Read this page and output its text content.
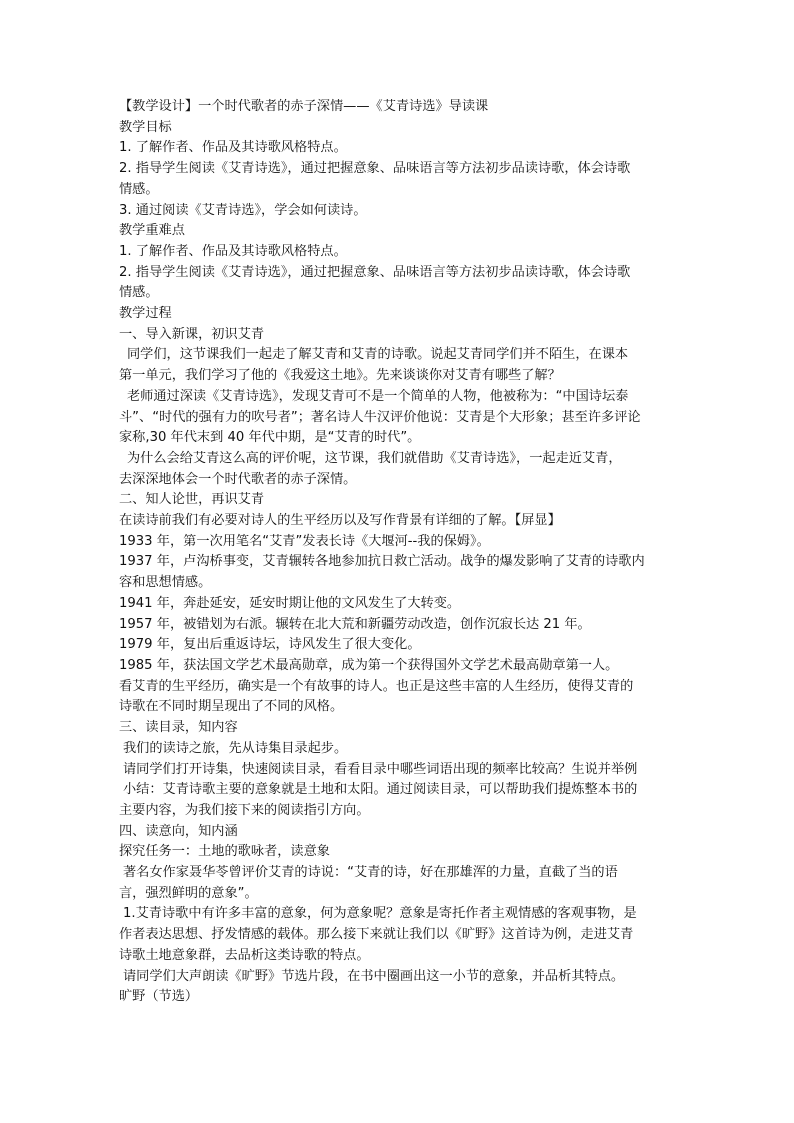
【教学设计】一个时代歌者的赤子深情——《艾青诗选》导读课

教学目标

1. 了解作者、作品及其诗歌风格特点。

2. 指导学生阅读《艾青诗选》，通过把握意象、品味语言等方法初步品读诗歌，体会诗歌

情感。

3. 通过阅读《艾青诗选》，学会如何读诗。

教学重难点

1. 了解作者、作品及其诗歌风格特点。

2. 指导学生阅读《艾青诗选》，通过把握意象、品味语言等方法初步品读诗歌，体会诗歌

情感。

教学过程

一、导入新课，初识艾青

同学们，这节课我们一起走了解艾青和艾青的诗歌。说起艾青同学们并不陌生，在课本

第一单元，我们学习了他的《我爱这土地》。先来谈谈你对艾青有哪些了解？

老师通过深读《艾青诗选》，发现艾青可不是一个简单的人物，他被称为：“中国诗坛泰

斗”、“时代的强有力的吹号者”；著名诗人牛汉评价他说：艾青是个大形象；甚至许多评论

家称,30 年代末到 40 年代中期，是“艾青的时代”。

为什么会给艾青这么高的评价呢，这节课，我们就借助《艾青诗选》，一起走近艾青，

去深深地体会一个时代歌者的赤子深情。

二、知人论世，再识艾青

在读诗前我们有必要对诗人的生平经历以及写作背景有详细的了解。【屏显】

1933 年，第一次用笔名“艾青”发表长诗《大堰河--我的保姆》。

1937 年，卢沟桥事变，艾青辗转各地参加抗日救亡活动。战争的爆发影响了艾青的诗歌内

容和思想情感。

1941 年，奔赴延安，延安时期让他的文风发生了大转变。

1957 年，被错划为右派。辗转在北大荒和新疆劳动改造，创作沉寂长达 21 年。

1979 年，复出后重返诗坛，诗风发生了很大变化。

1985 年，获法国文学艺术最高勋章，成为第一个获得国外文学艺术最高勋章第一人。

看艾青的生平经历，确实是一个有故事的诗人。也正是这些丰富的人生经历，使得艾青的

诗歌在不同时期呈现出了不同的风格。

三、读目录，知内容

我们的读诗之旅，先从诗集目录起步。

请同学们打开诗集，快速阅读目录，看看目录中哪些词语出现的频率比较高？生说并举例

小结：艾青诗歌主要的意象就是土地和太阳。通过阅读目录，可以帮助我们提炼整本书的

主要内容，为我们接下来的阅读指引方向。

四、读意向，知内涵

探究任务一：土地的歌咏者，读意象

著名女作家聂华苓曾评价艾青的诗说：“艾青的诗，好在那雄浑的力量，直截了当的语

言，强烈鲜明的意象”。

1.艾青诗歌中有许多丰富的意象，何为意象呢？意象是寄托作者主观情感的客观事物，是

作者表达思想、抒发情感的载体。那么接下来就让我们以《旷野》这首诗为例，走进艾青

诗歌土地意象群，去品析这类诗歌的特点。

请同学们大声朗读《旷野》节选片段，在书中圈画出这一小节的意象，并品析其特点。

旷野（节选）
